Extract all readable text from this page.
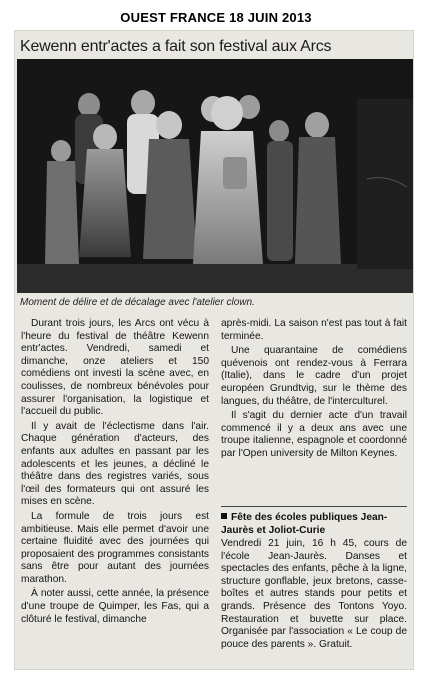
OUEST FRANCE 18 JUIN 2013
Kewenn entr'actes a fait son festival aux Arcs
Moment de délire et de décalage avec l'atelier clown.

Durant trois jours, les Arcs ont vécu à l'heure du festival de théâtre Kewenn entr'actes. Vendredi, samedi et dimanche, onze ateliers et 150 comédiens ont investi la scène avec, en coulisses, de nombreux bénévoles pour assurer l'organisation, la logistique et l'accueil du public.

Il y avait de l'éclectisme dans l'air. Chaque génération d'acteurs, des enfants aux adultes en passant par les adolescents et les jeunes, a décliné le théâtre dans des registres variés, sous l'œil des formateurs qui ont assuré les mises en scène.

La formule de trois jours est ambitieuse. Mais elle permet d'avoir une certaine fluidité avec des journées qui proposaient des programmes consistants sans être pour autant des journées marathon.

À noter aussi, cette année, la présence d'une troupe de Quimper, les Fas, qui a clôturé le festival, dimanche

après-midi. La saison n'est pas tout à fait terminée.

Une quarantaine de comédiens quévenois ont rendez-vous à Ferrara (Italie), dans le cadre d'un projet européen Grundtvig, sur le thème des langues, du théâtre, de l'interculturel.

Il s'agit du dernier acte d'un travail commencé il y a deux ans avec une troupe italienne, espagnole et coordonné par l'Open university de Milton Keynes.

Fête des écoles publiques Jean-Jaurès et Joliot-Curie

Vendredi 21 juin, 16 h 45, cours de l'école Jean-Jaurès. Danses et spectacles des enfants, pêche à la ligne, structure gonflable, jeux bretons, casse-boîtes et autres stands pour petits et grands. Présence des Tontons Yoyo. Restauration et buvette sur place. Organisée par l'association « Le coup de pouce des parents ». Gratuit.
